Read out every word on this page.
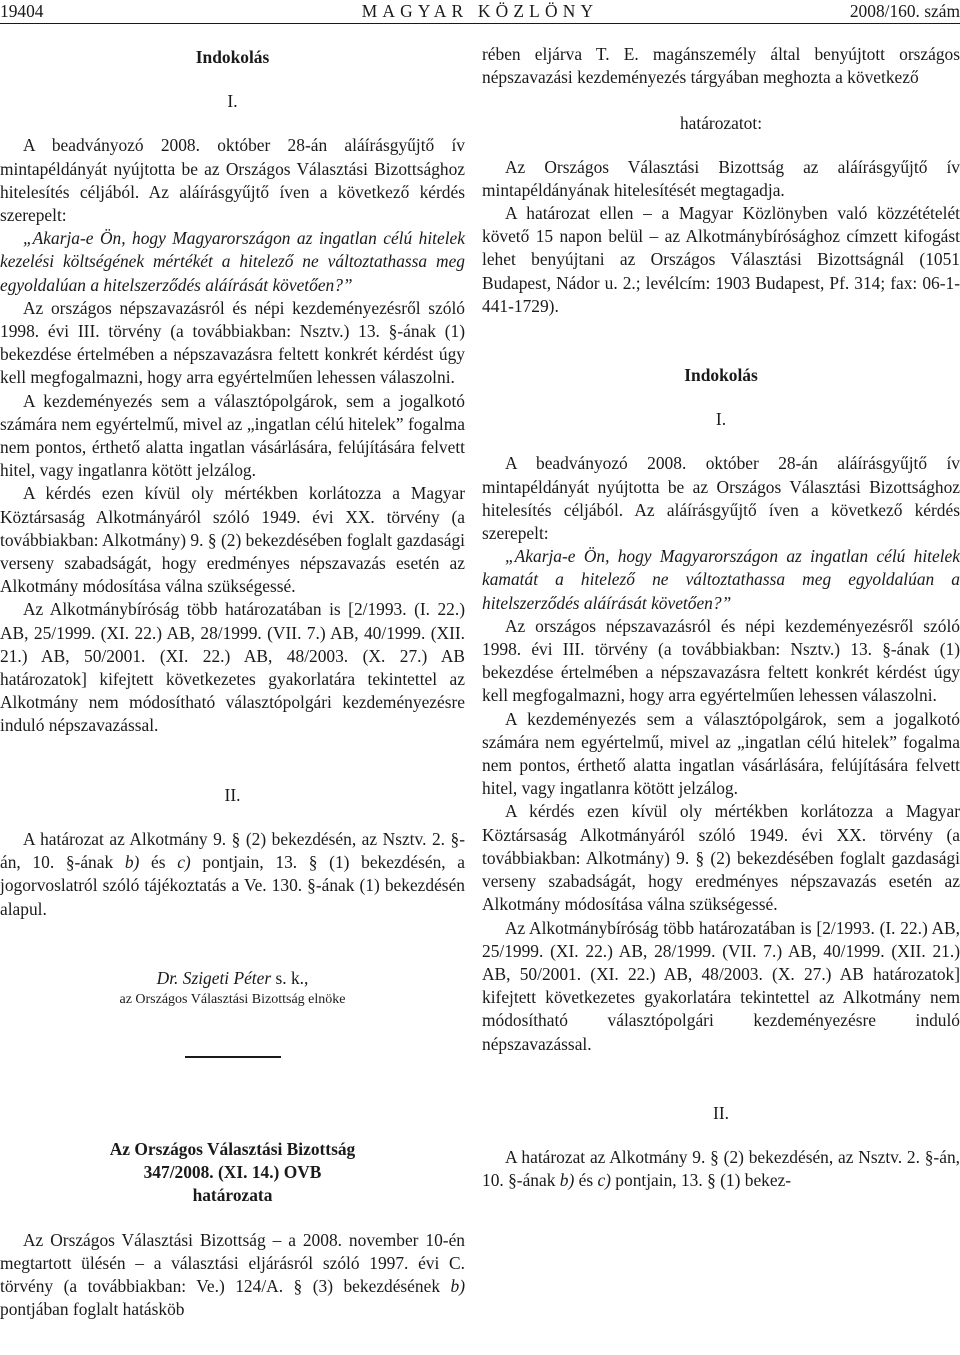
19404	MAGYAR KÖZLÖNY	2008/160. szám
Indokolás
I.

A beadványozó 2008. október 28-án aláírásgyűjtő ív mintapéldányát nyújtotta be az Országos Választási Bizottsághoz hitelesítés céljából. Az aláírásgyűjtő íven a következő kérdés szerepelt:

„Akarja-e Ön, hogy Magyarországon az ingatlan célú hitelek kezelési költségének mértékét a hitelező ne változtathassa meg egyoldalúan a hitelszerződés aláírását követően?”

Az országos népszavazásról és népi kezdeményezésről szóló 1998. évi III. törvény (a továbbiakban: Nsztv.) 13. §-ának (1) bekezdése értelmében a népszavazásra feltett konkrét kérdést úgy kell megfogalmazni, hogy arra egyértelműen lehessen válaszolni.

A kezdeményezés sem a választópolgárok, sem a jogalkotó számára nem egyértelmű, mivel az „ingatlan célú hitelek” fogalma nem pontos, érthető alatta ingatlan vásárlására, felújítására felvett hitel, vagy ingatlanra kötött jelzálog.

A kérdés ezen kívül oly mértékben korlátozza a Magyar Köztársaság Alkotmányáról szóló 1949. évi XX. törvény (a továbbiakban: Alkotmány) 9. § (2) bekezdésében foglalt gazdasági verseny szabadságát, hogy eredményes népszavazás esetén az Alkotmány módosítása válna szükségessé.

Az Alkotmánybíróság több határozatában is [2/1993. (I. 22.) AB, 25/1999. (XI. 22.) AB, 28/1999. (VII. 7.) AB, 40/1999. (XII. 21.) AB, 50/2001. (XI. 22.) AB, 48/2003. (X. 27.) AB határozatok] kifejtett következetes gyakorlatára tekintettel az Alkotmány nem módosítható választópolgári kezdeményezésre induló népszavazással.

II.

A határozat az Alkotmány 9. § (2) bekezdésén, az Nsztv. 2. §-án, 10. §-ának b) és c) pontjain, 13. § (1) bekezdésén, a jogorvoslatról szóló tájékoztatás a Ve. 130. §-ának (1) bekezdésén alapul.

Dr. Szigeti Péter s. k.,
az Országos Választási Bizottság elnöke
Az Országos Választási Bizottság
347/2008. (XI. 14.) OVB
határozata

Az Országos Választási Bizottság – a 2008. november 10-én megtartott ülésén – a választási eljárásról szóló 1997. évi C. törvény (a továbbiakban: Ve.) 124/A. § (3) bekezdésének b) pontjában foglalt hatásköb

rében eljárva T. E. magánszemély által benyújtott országos népszavazási kezdeményezés tárgyában meghozta a következő

határozatot:

Az Országos Választási Bizottság az aláírásgyűjtő ív mintapéldányának hitelesítését megtagadja.

A határozat ellen – a Magyar Közlönyben való közzétételét követő 15 napon belül – az Alkotmánybírósághoz címzett kifogást lehet benyújtani az Országos Választási Bizottságnál (1051 Budapest, Nádor u. 2.; levélcím: 1903 Budapest, Pf. 314; fax: 06-1-441-1729).

Indokolás
I.

A beadványozó 2008. október 28-án aláírásgyűjtő ív mintapéldányát nyújtotta be az Országos Választási Bizottsághoz hitelesítés céljából. Az aláírásgyűjtő íven a következő kérdés szerepelt:

„Akarja-e Ön, hogy Magyarországon az ingatlan célú hitelek kamatát a hitelező ne változtathassa meg egyoldalúan a hitelszerződés aláírását követően?”

Az országos népszavazásról és népi kezdeményezésről szóló 1998. évi III. törvény (a továbbiakban: Nsztv.) 13. §-ának (1) bekezdése értelmében a népszavazásra feltett konkrét kérdést úgy kell megfogalmazni, hogy arra egyértelműen lehessen válaszolni.

A kezdeményezés sem a választópolgárok, sem a jogalkotó számára nem egyértelmű, mivel az „ingatlan célú hitelek” fogalma nem pontos, érthető alatta ingatlan vásárlására, felújítására felvett hitel, vagy ingatlanra kötött jelzálog.

A kérdés ezen kívül oly mértékben korlátozza a Magyar Köztársaság Alkotmányáról szóló 1949. évi XX. törvény (a továbbiakban: Alkotmány) 9. § (2) bekezdésében foglalt gazdasági verseny szabadságát, hogy eredményes népszavazás esetén az Alkotmány módosítása válna szükségessé.

Az Alkotmánybíróság több határozatában is [2/1993. (I. 22.) AB, 25/1999. (XI. 22.) AB, 28/1999. (VII. 7.) AB, 40/1999. (XII. 21.) AB, 50/2001. (XI. 22.) AB, 48/2003. (X. 27.) AB határozatok] kifejtett következetes gyakorlatára tekintettel az Alkotmány nem módosítható választópolgári kezdeményezésre induló népszavazással.

II.

A határozat az Alkotmány 9. § (2) bekezdésén, az Nsztv. 2. §-án, 10. §-ának b) és c) pontjain, 13. § (1) bekez-
